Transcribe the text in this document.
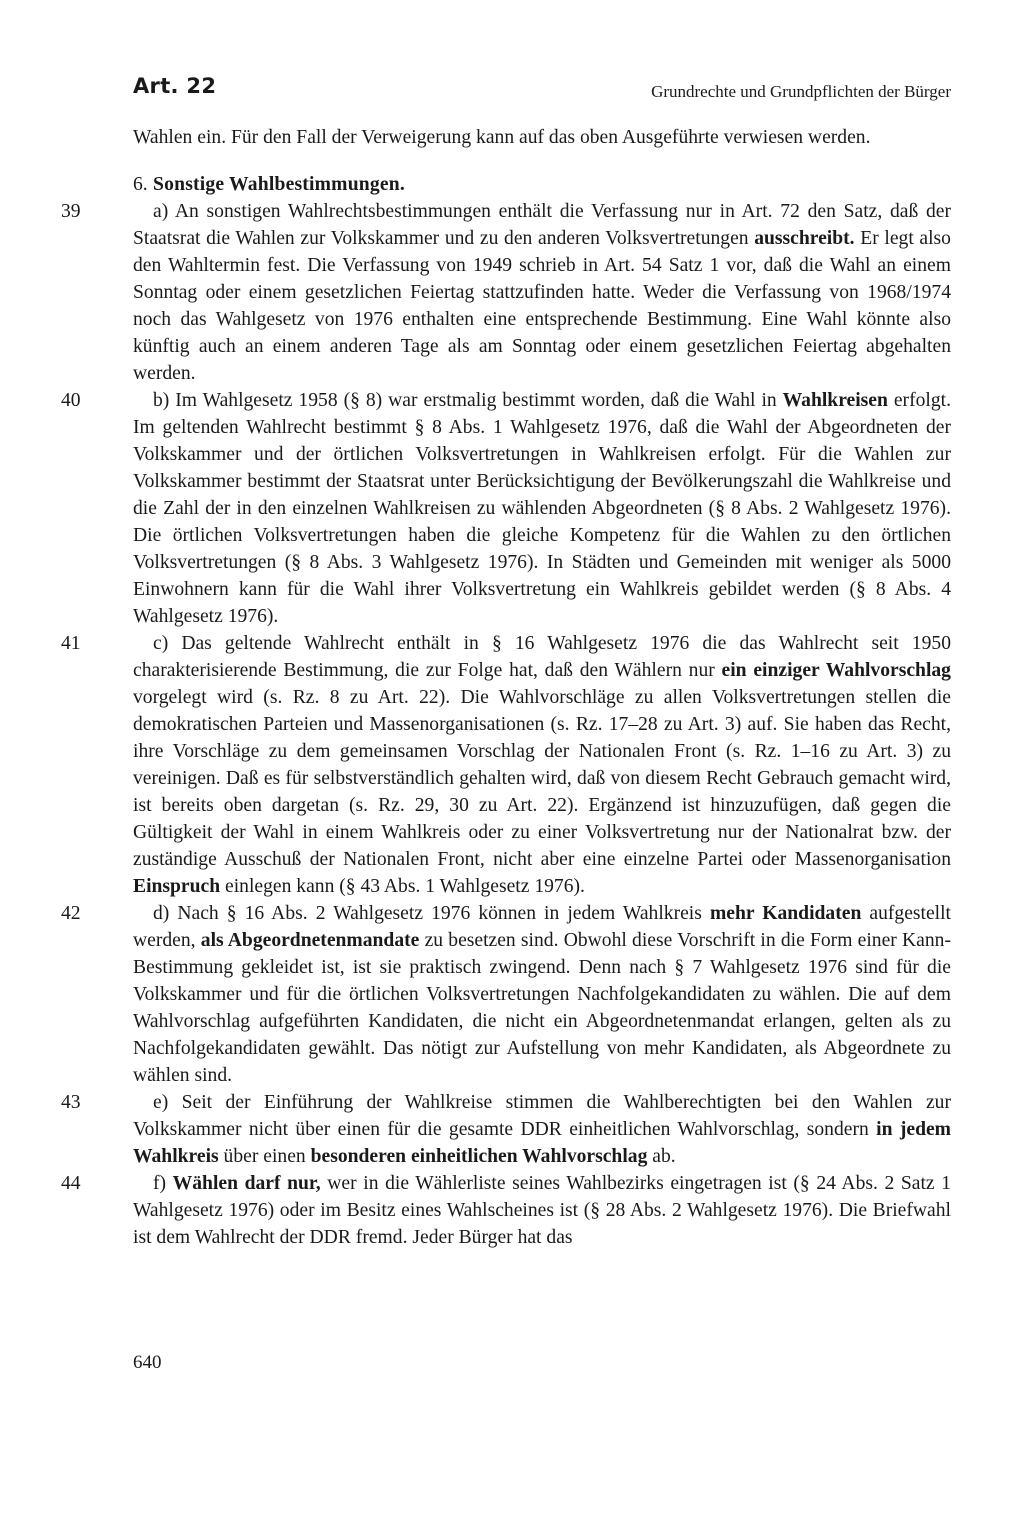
Art. 22	Grundrechte und Grundpflichten der Bürger

Wahlen ein. Für den Fall der Verweigerung kann auf das oben Ausgeführte verwiesen werden.

6. Sonstige Wahlbestimmungen.

39	a) An sonstigen Wahlrechtsbestimmungen enthält die Verfassung nur in Art. 72 den Satz, daß der Staatsrat die Wahlen zur Volkskammer und zu den anderen Volksvertretungen ausschreibt. Er legt also den Wahltermin fest. Die Verfassung von 1949 schrieb in Art. 54 Satz 1 vor, daß die Wahl an einem Sonntag oder einem gesetzlichen Feiertag stattzufinden hatte. Weder die Verfassung von 1968/1974 noch das Wahlgesetz von 1976 enthalten eine entsprechende Bestimmung. Eine Wahl könnte also künftig auch an einem anderen Tage als am Sonntag oder einem gesetzlichen Feiertag abgehalten werden.

40	b) Im Wahlgesetz 1958 (§ 8) war erstmalig bestimmt worden, daß die Wahl in Wahlkreisen erfolgt. Im geltenden Wahlrecht bestimmt § 8 Abs. 1 Wahlgesetz 1976, daß die Wahl der Abgeordneten der Volkskammer und der örtlichen Volksvertretungen in Wahlkreisen erfolgt. Für die Wahlen zur Volkskammer bestimmt der Staatsrat unter Berücksichtigung der Bevölkerungszahl die Wahlkreise und die Zahl der in den einzelnen Wahlkreisen zu wählenden Abgeordneten (§ 8 Abs. 2 Wahlgesetz 1976). Die örtlichen Volksvertretungen haben die gleiche Kompetenz für die Wahlen zu den örtlichen Volksvertretungen (§ 8 Abs. 3 Wahlgesetz 1976). In Städten und Gemeinden mit weniger als 5000 Einwohnern kann für die Wahl ihrer Volksvertretung ein Wahlkreis gebildet werden (§ 8 Abs. 4 Wahlgesetz 1976).

41	c) Das geltende Wahlrecht enthält in § 16 Wahlgesetz 1976 die das Wahlrecht seit 1950 charakterisierende Bestimmung, die zur Folge hat, daß den Wählern nur ein einziger Wahlvorschlag vorgelegt wird (s. Rz. 8 zu Art. 22). Die Wahlvorschläge zu allen Volksvertretungen stellen die demokratischen Parteien und Massenorganisationen (s. Rz. 17–28 zu Art. 3) auf. Sie haben das Recht, ihre Vorschläge zu dem gemeinsamen Vorschlag der Nationalen Front (s. Rz. 1–16 zu Art. 3) zu vereinigen. Daß es für selbstverständlich gehalten wird, daß von diesem Recht Gebrauch gemacht wird, ist bereits oben dargetan (s. Rz. 29, 30 zu Art. 22). Ergänzend ist hinzuzufügen, daß gegen die Gültigkeit der Wahl in einem Wahlkreis oder zu einer Volksvertretung nur der Nationalrat bzw. der zuständige Ausschuß der Nationalen Front, nicht aber eine einzelne Partei oder Massenorganisation Einspruch einlegen kann (§ 43 Abs. 1 Wahlgesetz 1976).

42	d) Nach § 16 Abs. 2 Wahlgesetz 1976 können in jedem Wahlkreis mehr Kandidaten aufgestellt werden, als Abgeordnetenmandate zu besetzen sind. Obwohl diese Vorschrift in die Form einer Kann-Bestimmung gekleidet ist, ist sie praktisch zwingend. Denn nach § 7 Wahlgesetz 1976 sind für die Volkskammer und für die örtlichen Volksvertretungen Nachfolgekandidaten zu wählen. Die auf dem Wahlvorschlag aufgeführten Kandidaten, die nicht ein Abgeordnetenmandat erlangen, gelten als zu Nachfolgekandidaten gewählt. Das nötigt zur Aufstellung von mehr Kandidaten, als Abgeordnete zu wählen sind.

43	e) Seit der Einführung der Wahlkreise stimmen die Wahlberechtigten bei den Wahlen zur Volkskammer nicht über einen für die gesamte DDR einheitlichen Wahlvorschlag, sondern in jedem Wahlkreis über einen besonderen einheitlichen Wahlvorschlag ab.

44	f) Wählen darf nur, wer in die Wählerliste seines Wahlbezirks eingetragen ist (§ 24 Abs. 2 Satz 1 Wahlgesetz 1976) oder im Besitz eines Wahlscheines ist (§ 28 Abs. 2 Wahlgesetz 1976). Die Briefwahl ist dem Wahlrecht der DDR fremd. Jeder Bürger hat das

640
